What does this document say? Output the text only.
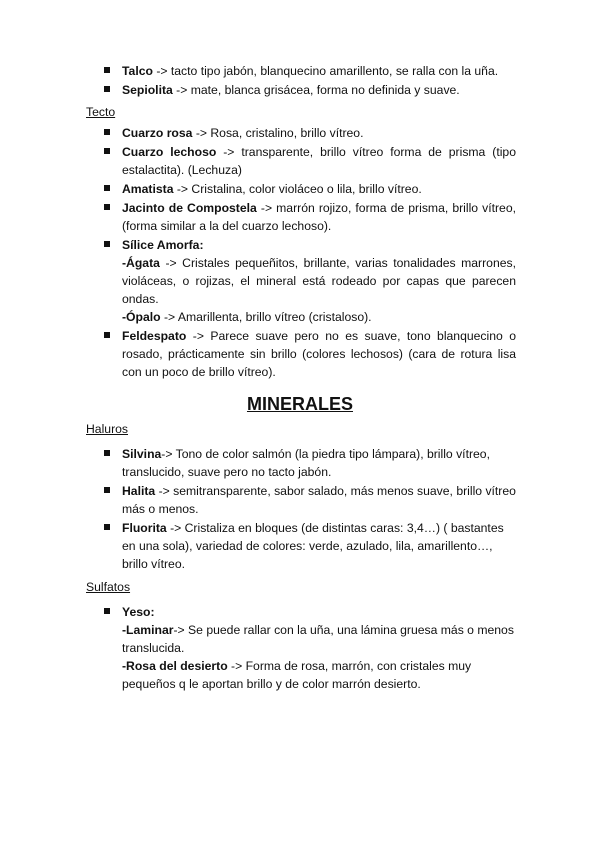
Talco -> tacto tipo jabón, blanquecino amarillento, se ralla con la uña.

Sepiolita -> mate, blanca grisácea, forma no definida y suave.

Tecto

Cuarzo rosa -> Rosa, cristalino, brillo vítreo.

Cuarzo lechoso -> transparente, brillo vítreo forma de prisma (tipo estalactita). (Lechuza)

Amatista -> Cristalina, color violáceo o lila, brillo vítreo.

Jacinto de Compostela -> marrón rojizo, forma de prisma, brillo vítreo, (forma similar a la del cuarzo lechoso).

Sílice Amorfa:

-Ágata -> Cristales pequeñitos, brillante, varias tonalidades marrones, violáceas, o rojizas, el mineral está rodeado por capas que parecen ondas.

-Ópalo -> Amarillenta, brillo vítreo (cristaloso).

Feldespato -> Parece suave pero no es suave, tono blanquecino o rosado, prácticamente sin brillo (colores lechosos) (cara de rotura lisa con un poco de brillo vítreo).

MINERALES
Haluros

Silvina-> Tono de color salmón (la piedra tipo lámpara), brillo vítreo, translucido, suave pero no tacto jabón.

Halita -> semitransparente, sabor salado, más menos suave, brillo vítreo más o menos.

Fluorita -> Cristaliza en bloques (de distintas caras: 3,4…) ( bastantes en una sola), variedad de colores: verde, azulado, lila, amarillento…, brillo vítreo.

Sulfatos

Yeso:

-Laminar-> Se puede rallar con la uña, una lámina gruesa más o menos translucida.

-Rosa del desierto -> Forma de rosa, marrón, con cristales muy pequeños q le aportan brillo y de color marrón desierto.
